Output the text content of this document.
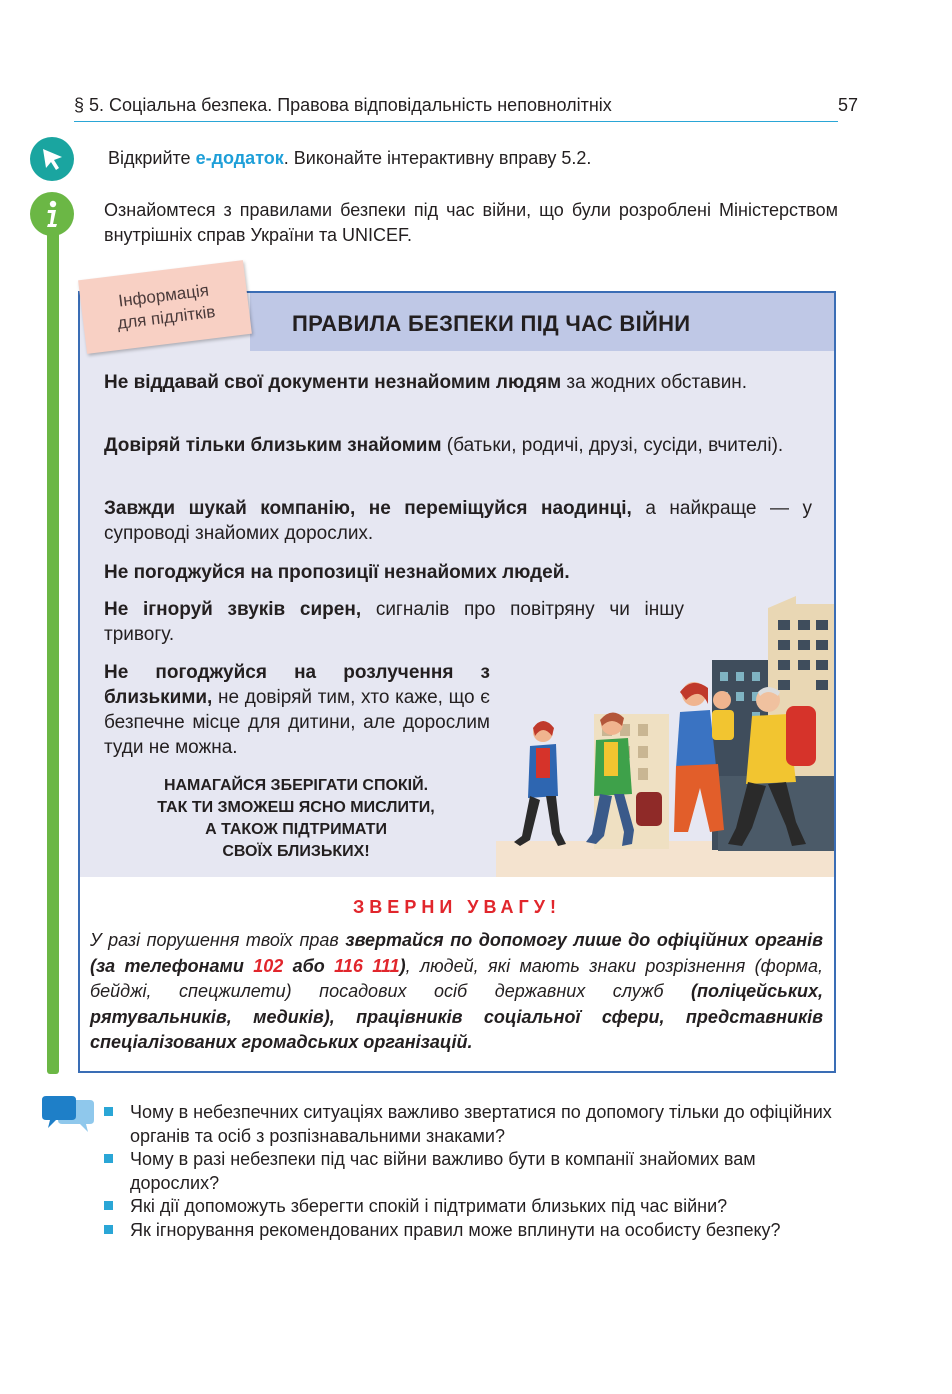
§ 5. Соціальна безпека. Правова відповідальність неповнолітніх	57
Відкрийте е-додаток. Виконайте інтерактивну вправу 5.2.
Ознайомтеся з правилами безпеки під час війни, що були розроблені Міністерством внутрішніх справ України та UNICEF.
ПРАВИЛА БЕЗПЕКИ ПІД ЧАС ВІЙНИ
Інформація
для підлітків
Не віддавай свої документи незнайомим людям за жодних обставин.
Довіряй тільки близьким знайомим (батьки, родичі, друзі, сусіди, вчителі).
Завжди шукай компанію, не переміщуйся наодинці, а найкраще — у супроводі знайомих дорослих.
Не погоджуйся на пропозиції незнайомих людей.
Не ігноруй звуків сирен, сигналів про повітряну чи іншу тривогу.
Не погоджуйся на розлучення з близькими, не довіряй тим, хто каже, що є безпечне місце для дитини, але дорослим туди не можна.
НАМАГАЙСЯ ЗБЕРІГАТИ СПОКІЙ.
ТАК ТИ ЗМОЖЕШ ЯСНО МИСЛИТИ,
А ТАКОЖ ПІДТРИМАТИ
СВОЇХ БЛИЗЬКИХ!
ЗВЕРНИ УВАГУ!
У разі порушення твоїх прав звертайся по допомогу лише до офіційних органів (за телефонами 102 або 116 111), людей, які мають знаки розрізнення (форма, бейджі, спецжилети) посадових осіб державних служб (поліцейських, рятувальників, медиків), працівників соціальної сфери, представників спеціалізованих громадських організацій.
Чому в небезпечних ситуаціях важливо звертатися по допомогу тільки до офіційних органів та осіб з розпізнавальними знаками?
Чому в разі небезпеки під час війни важливо бути в компанії знайомих вам дорослих?
Які дії допоможуть зберегти спокій і підтримати близьких під час війни?
Як ігнорування рекомендованих правил може вплинути на особисту безпеку?
